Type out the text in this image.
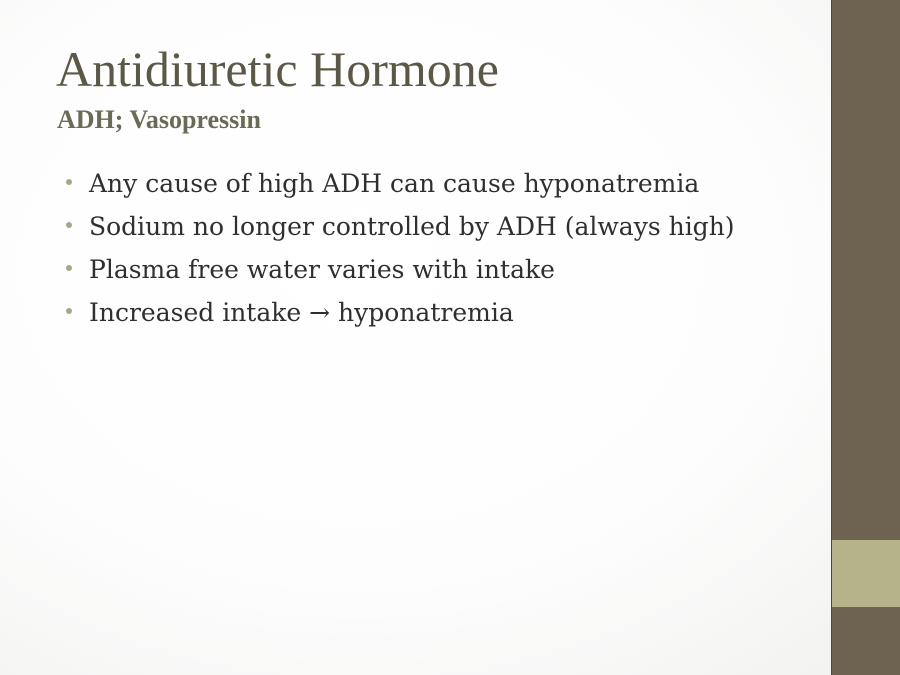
Antidiuretic Hormone
ADH; Vasopressin
Any cause of high ADH can cause hyponatremia
Sodium no longer controlled by ADH (always high)
Plasma free water varies with intake
Increased intake → hyponatremia
